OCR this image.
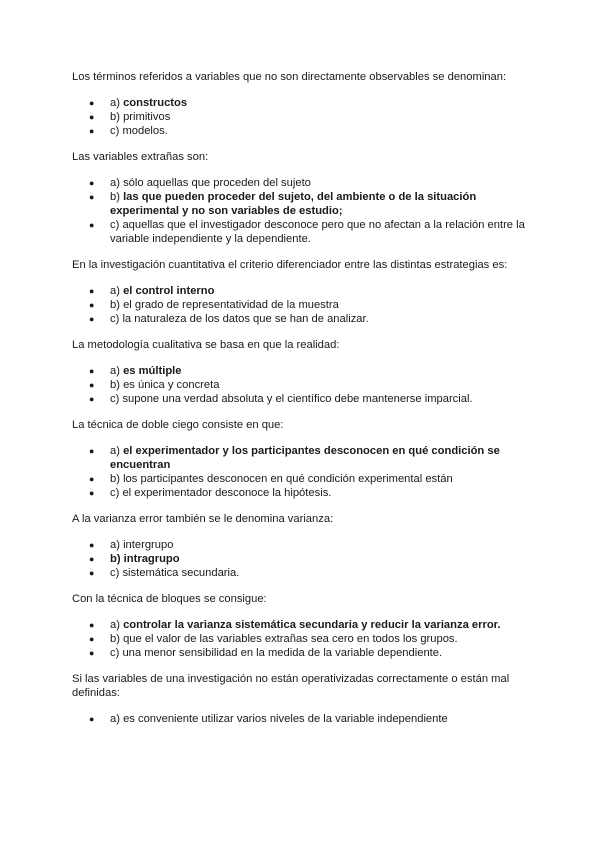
Los términos referidos a variables que no son directamente observables se denominan:

● a) constructos
● b) primitivos
● c) modelos.

Las variables extrañas son:

● a) sólo aquellas que proceden del sujeto
● b) las que pueden proceder del sujeto, del ambiente o de la situación experimental y no son variables de estudio;
● c) aquellas que el investigador desconoce pero que no afectan a la relación entre la variable independiente y la dependiente.

En la investigación cuantitativa el criterio diferenciador entre las distintas estrategias es:

● a) el control interno
● b) el grado de representatividad de la muestra
● c) la naturaleza de los datos que se han de analizar.

La metodología cualitativa se basa en que la realidad:

● a) es múltiple
● b) es única y concreta
● c) supone una verdad absoluta y el científico debe mantenerse imparcial.

La técnica de doble ciego consiste en que:

● a) el experimentador y los participantes desconocen en qué condición se encuentran
● b) los participantes desconocen en qué condición experimental están
● c) el experimentador desconoce la hipótesis.

A la varianza error también se le denomina varianza:

● a) intergrupo
● b) intragrupo
● c) sistemática secundaria.

Con la técnica de bloques se consigue:

● a) controlar la varianza sistemática secundaria y reducir la varianza error.
● b) que el valor de las variables extrañas sea cero en todos los grupos.
● c) una menor sensibilidad en la medida de la variable dependiente.

Si las variables de una investigación no están operativizadas correctamente o están mal definidas:

● a) es conveniente utilizar varios niveles de la variable independiente
